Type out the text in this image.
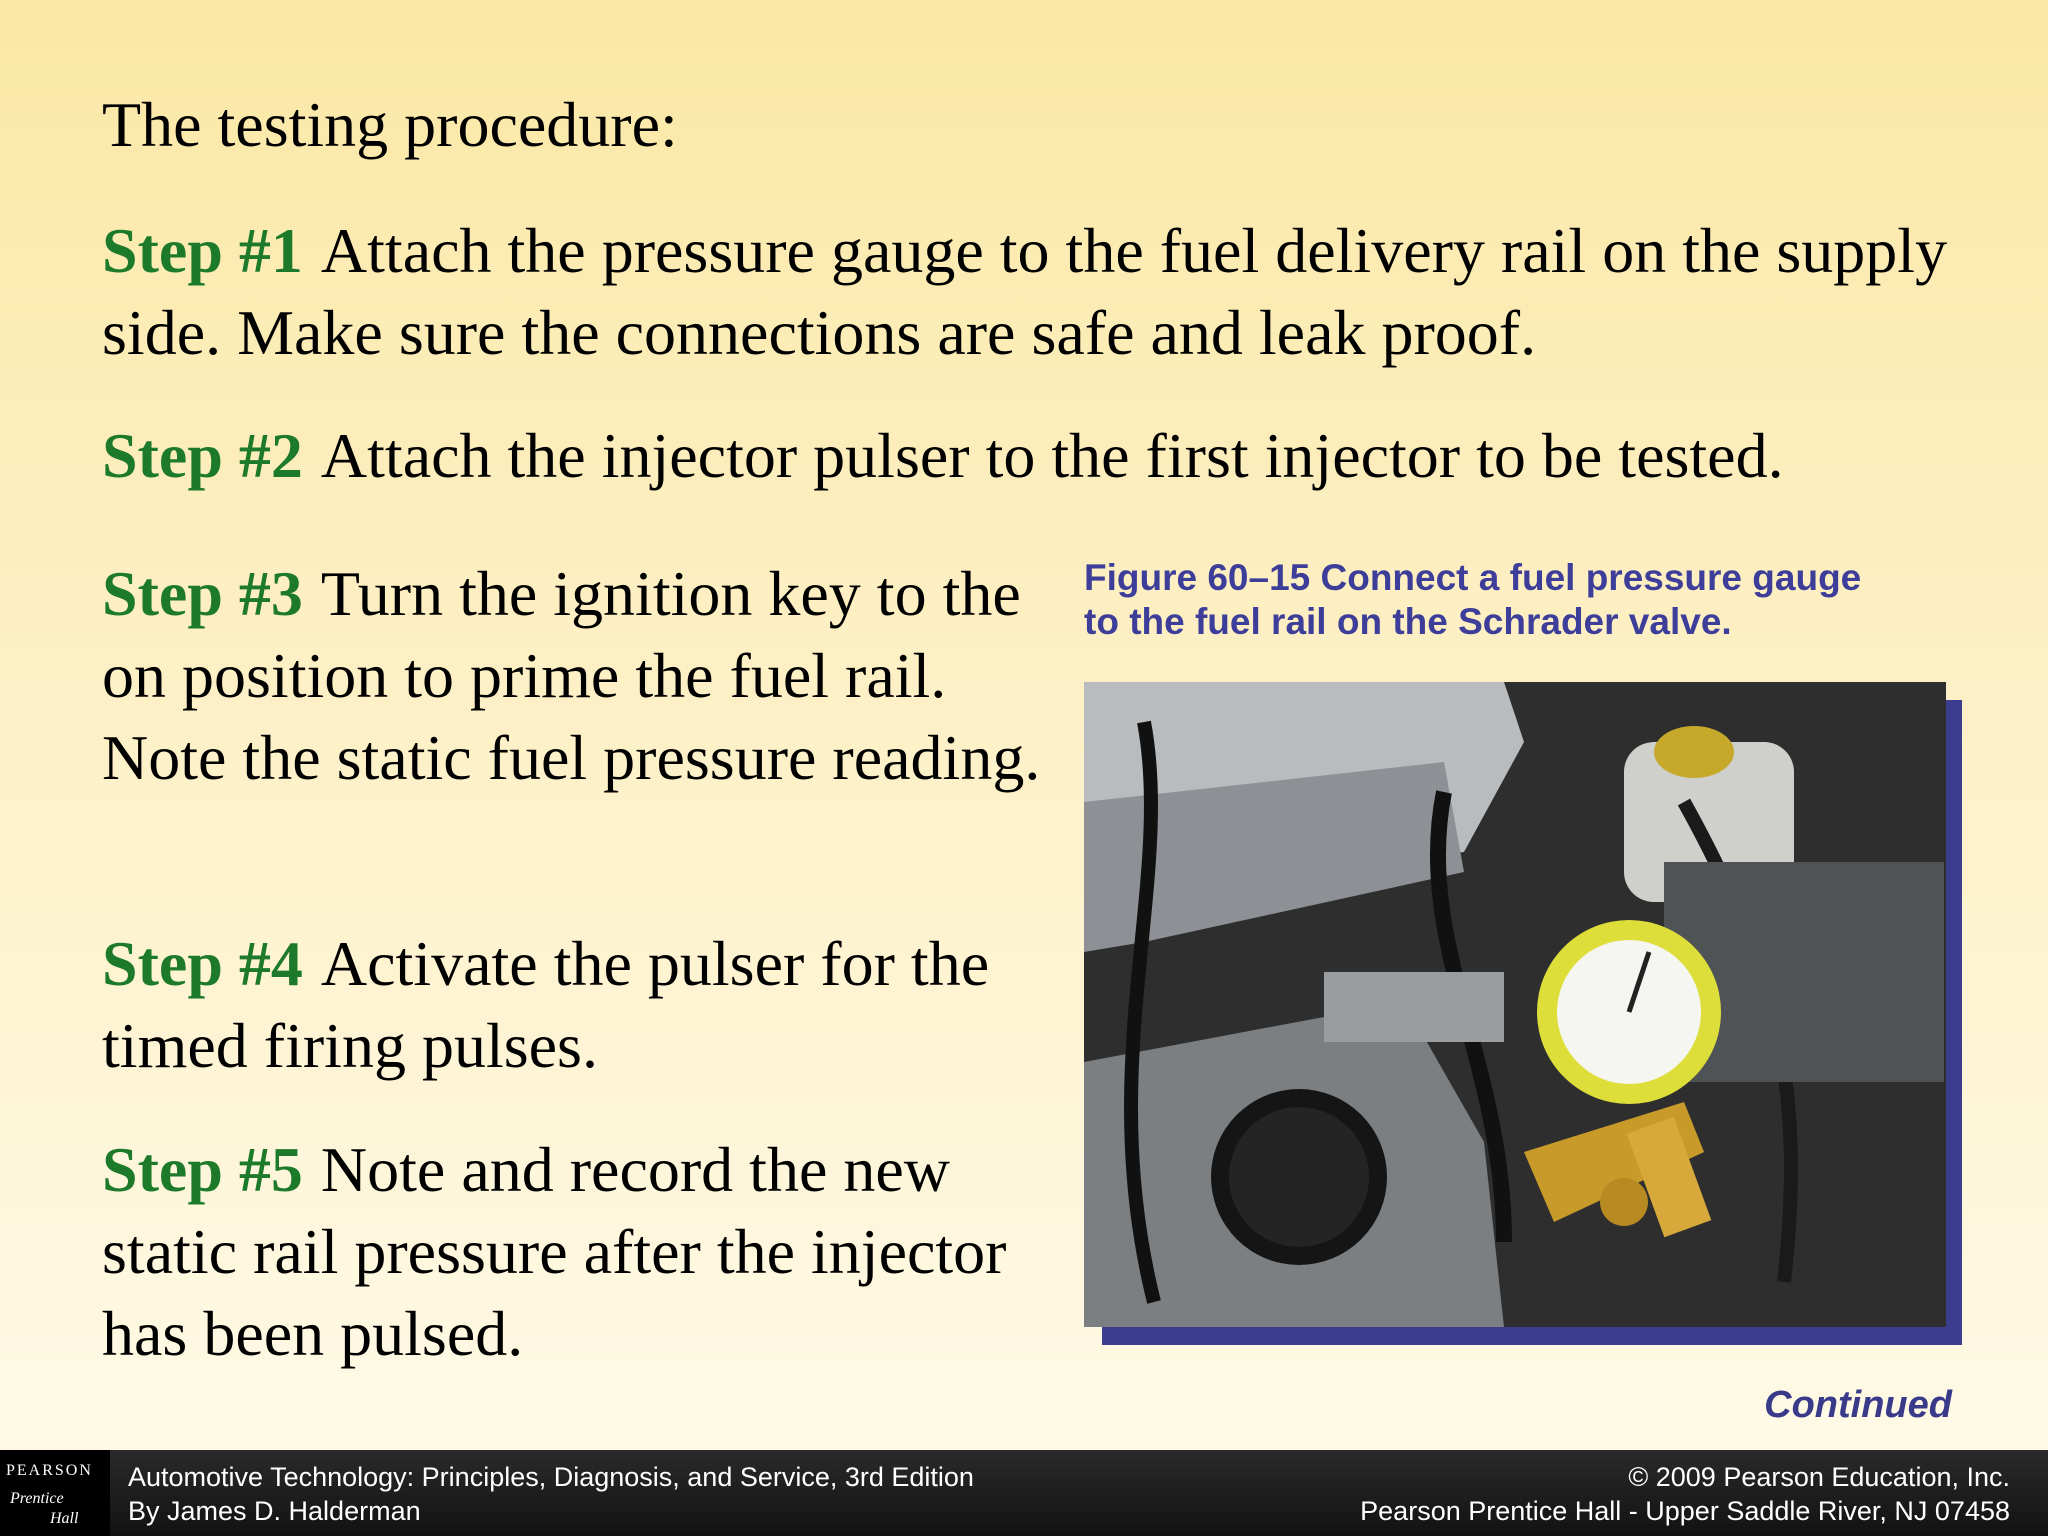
The testing procedure:

Step #1 Attach the pressure gauge to the fuel delivery rail on the supply side. Make sure the connections are safe and leak proof.

Step #2 Attach the injector pulser to the first injector to be tested.

Step #3 Turn the ignition key to the on position to prime the fuel rail. Note the static fuel pressure reading.

Step #4 Activate the pulser for the timed firing pulses.

Step #5 Note and record the new static rail pressure after the injector has been pulsed.

Figure 60–15 Connect a fuel pressure gauge
to the fuel rail on the Schrader valve.

Continued
PEARSON
Prentice
Hall
Automotive Technology: Principles, Diagnosis, and Service, 3rd Edition
By James D. Halderman
© 2009 Pearson Education, Inc.
Pearson Prentice Hall - Upper Saddle River, NJ 07458
